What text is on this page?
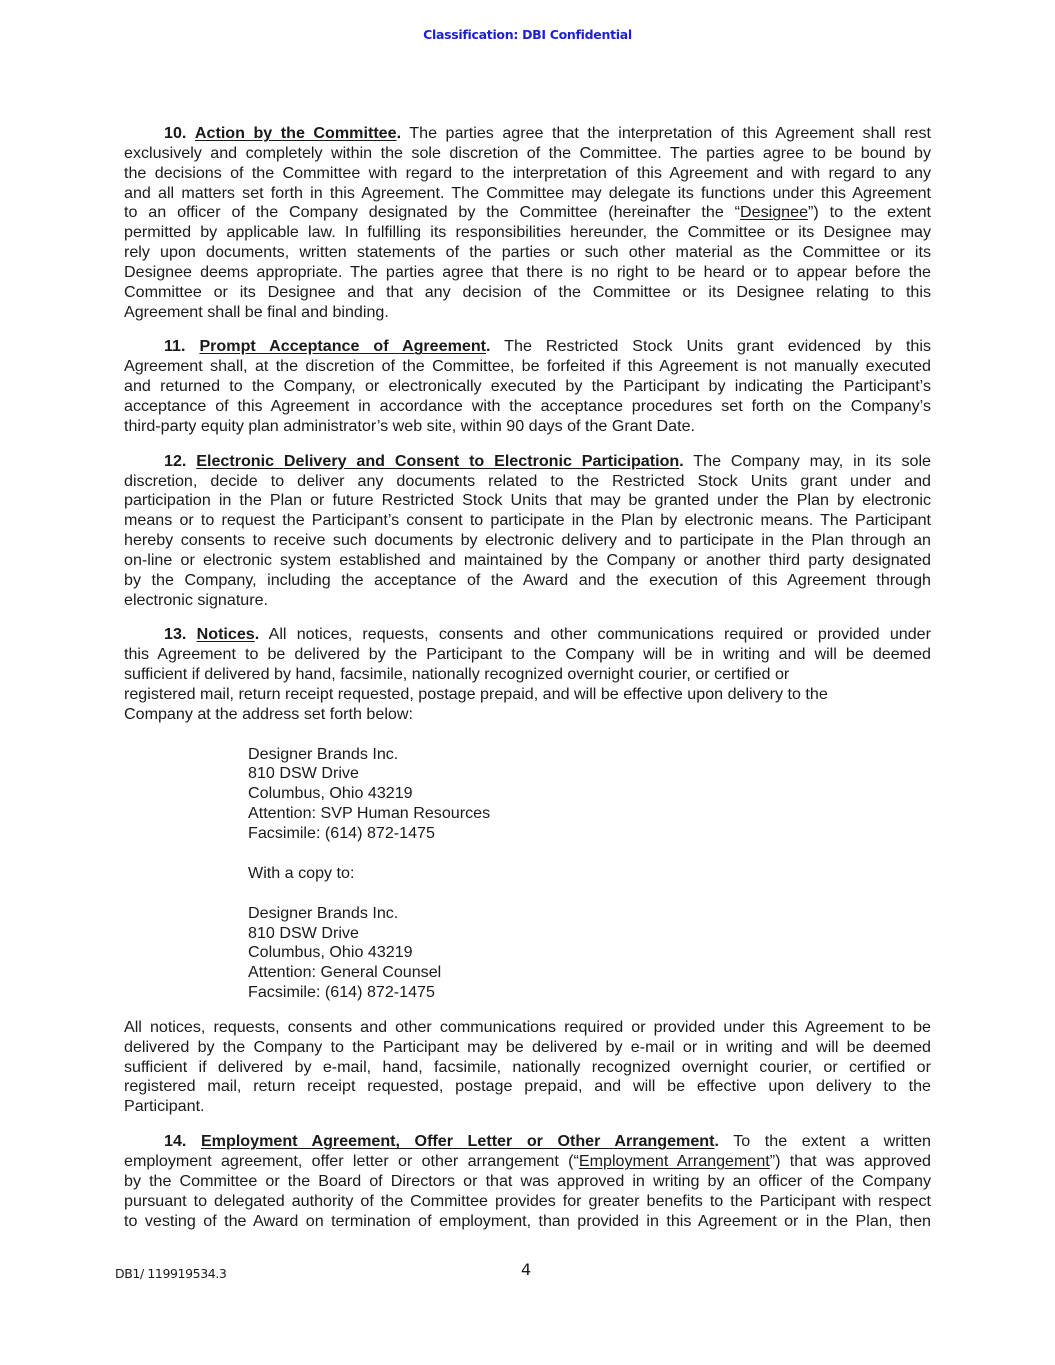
Classification: DBI Confidential
10. Action by the Committee. The parties agree that the interpretation of this Agreement shall rest
exclusively and completely within the sole discretion of the Committee. The parties agree to be bound by
the decisions of the Committee with regard to the interpretation of this Agreement and with regard to any
and all matters set forth in this Agreement. The Committee may delegate its functions under this Agreement
to an officer of the Company designated by the Committee (hereinafter the “Designee”) to the extent
permitted by applicable law. In fulfilling its responsibilities hereunder, the Committee or its Designee may
rely upon documents, written statements of the parties or such other material as the Committee or its
Designee deems appropriate. The parties agree that there is no right to be heard or to appear before the
Committee or its Designee and that any decision of the Committee or its Designee relating to this
Agreement shall be final and binding.
11. Prompt Acceptance of Agreement. The Restricted Stock Units grant evidenced by this
Agreement shall, at the discretion of the Committee, be forfeited if this Agreement is not manually executed
and returned to the Company, or electronically executed by the Participant by indicating the Participant’s
acceptance of this Agreement in accordance with the acceptance procedures set forth on the Company’s
third-party equity plan administrator’s web site, within 90 days of the Grant Date.
12. Electronic Delivery and Consent to Electronic Participation. The Company may, in its sole
discretion, decide to deliver any documents related to the Restricted Stock Units grant under and
participation in the Plan or future Restricted Stock Units that may be granted under the Plan by electronic
means or to request the Participant’s consent to participate in the Plan by electronic means. The Participant
hereby consents to receive such documents by electronic delivery and to participate in the Plan through an
on-line or electronic system established and maintained by the Company or another third party designated
by the Company, including the acceptance of the Award and the execution of this Agreement through
electronic signature.
13. Notices. All notices, requests, consents and other communications required or provided under
this Agreement to be delivered by the Participant to the Company will be in writing and will be deemed
sufficient if delivered by hand, facsimile, nationally recognized overnight courier, or certified or
registered mail, return receipt requested, postage prepaid, and will be effective upon delivery to the
Company at the address set forth below:
Designer Brands Inc.
810 DSW Drive
Columbus, Ohio 43219
Attention: SVP Human Resources
Facsimile: (614) 872-1475
With a copy to:
Designer Brands Inc.
810 DSW Drive
Columbus, Ohio 43219
Attention: General Counsel
Facsimile: (614) 872-1475
All notices, requests, consents and other communications required or provided under this Agreement to be
delivered by the Company to the Participant may be delivered by e-mail or in writing and will be deemed
sufficient if delivered by e-mail, hand, facsimile, nationally recognized overnight courier, or certified or
registered mail, return receipt requested, postage prepaid, and will be effective upon delivery to the
Participant.
14. Employment Agreement, Offer Letter or Other Arrangement. To the extent a written
employment agreement, offer letter or other arrangement (“Employment Arrangement”) that was approved
by the Committee or the Board of Directors or that was approved in writing by an officer of the Company
pursuant to delegated authority of the Committee provides for greater benefits to the Participant with respect
to vesting of the Award on termination of employment, than provided in this Agreement or in the Plan, then
DB1/ 119919534.3	4
